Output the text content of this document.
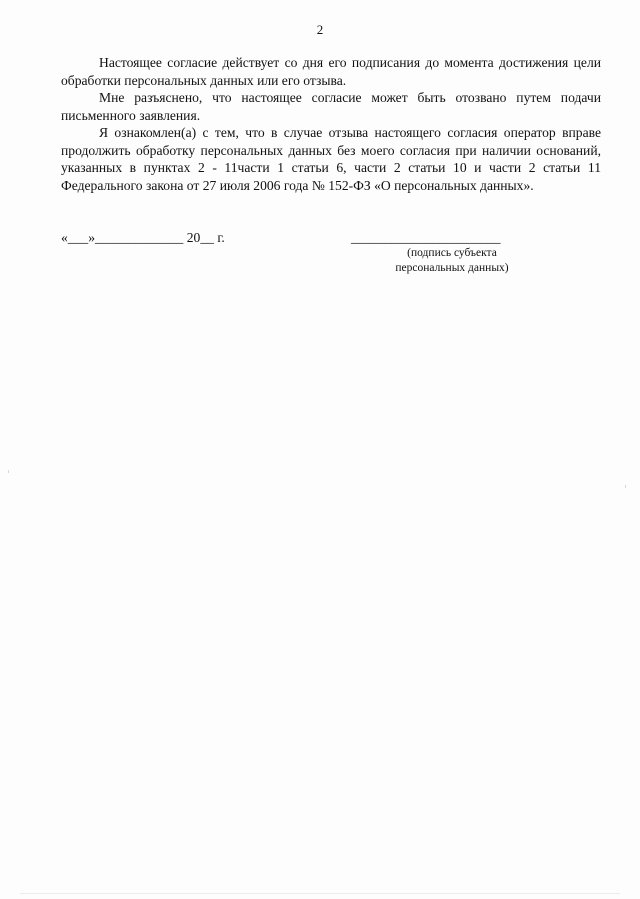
2

Настоящее согласие действует со дня его подписания до момента достижения цели обработки персональных данных или его отзыва.

Мне разъяснено, что настоящее согласие может быть отозвано путем подачи письменного заявления.

Я ознакомлен(а) с тем, что в случае отзыва настоящего согласия оператор вправе продолжить обработку персональных данных без моего согласия при наличии оснований, указанных в пунктах 2 - 11части 1 статьи 6, части 2 статьи 10 и части 2 статьи 11 Федерального закона от 27 июля 2006 года № 152-ФЗ «О персональных данных».

«___»_____________ 20__ г.	______________________
(подпись субъекта
персональных данных)
